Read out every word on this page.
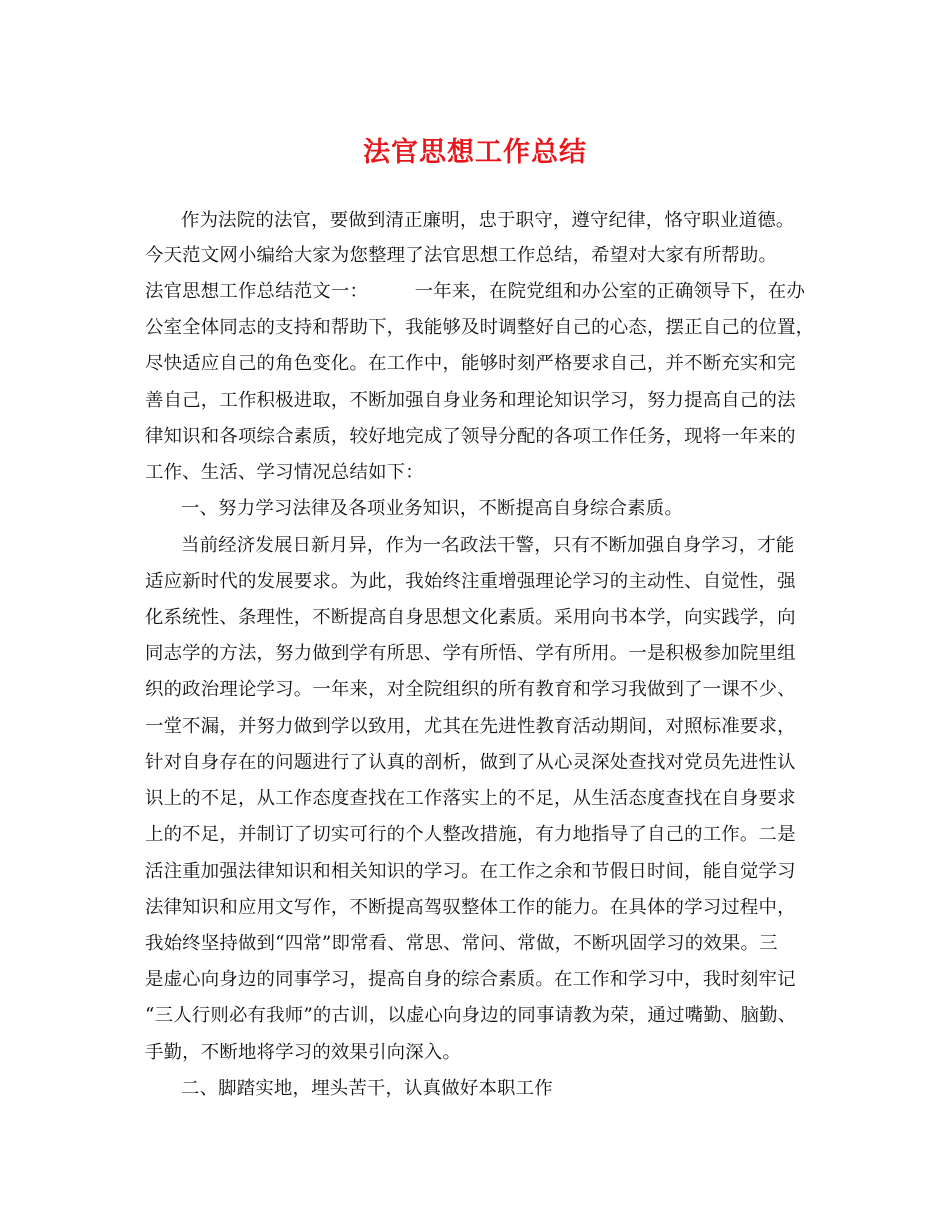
法官思想工作总结
作为法院的法官，要做到清正廉明，忠于职守，遵守纪律，恪守职业道德。
今天范文网小编给大家为您整理了法官思想工作总结，希望对大家有所帮助。
法官思想工作总结范文一：　　　一年来，在院党组和办公室的正确领导下，在办
公室全体同志的支持和帮助下，我能够及时调整好自己的心态，摆正自己的位置，
尽快适应自己的角色变化。在工作中，能够时刻严格要求自己，并不断充实和完
善自己，工作积极进取，不断加强自身业务和理论知识学习，努力提高自己的法
律知识和各项综合素质，较好地完成了领导分配的各项工作任务，现将一年来的
工作、生活、学习情况总结如下：
一、努力学习法律及各项业务知识，不断提高自身综合素质。
当前经济发展日新月异，作为一名政法干警，只有不断加强自身学习，才能
适应新时代的发展要求。为此，我始终注重增强理论学习的主动性、自觉性，强
化系统性、条理性，不断提高自身思想文化素质。采用向书本学，向实践学，向
同志学的方法，努力做到学有所思、学有所悟、学有所用。一是积极参加院里组
织的政治理论学习。一年来，对全院组织的所有教育和学习我做到了一课不少、
一堂不漏，并努力做到学以致用，尤其在先进性教育活动期间，对照标准要求，
针对自身存在的问题进行了认真的剖析，做到了从心灵深处查找对党员先进性认
识上的不足，从工作态度查找在工作落实上的不足，从生活态度查找在自身要求
上的不足，并制订了切实可行的个人整改措施，有力地指导了自己的工作。二是
活注重加强法律知识和相关知识的学习。在工作之余和节假日时间，能自觉学习
法律知识和应用文写作，不断提高驾驭整体工作的能力。在具体的学习过程中，
我始终坚持做到“四常”即常看、常思、常问、常做，不断巩固学习的效果。三
是虚心向身边的同事学习，提高自身的综合素质。在工作和学习中，我时刻牢记
“三人行则必有我师”的古训，以虚心向身边的同事请教为荣，通过嘴勤、脑勤、
手勤，不断地将学习的效果引向深入。
二、脚踏实地，埋头苦干，认真做好本职工作
